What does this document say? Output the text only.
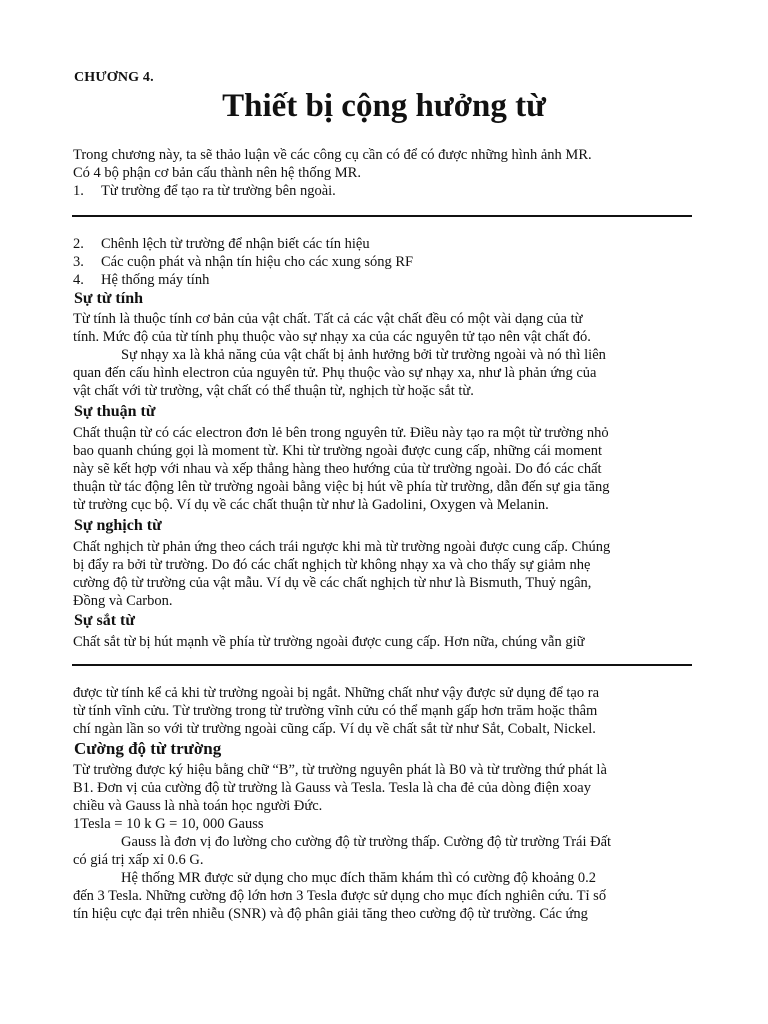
CHƯƠNG 4.
Thiết bị cộng hưởng từ
Trong chương này, ta sẽ thảo luận về các công cụ cần có để có được những hình ảnh MR.
Có 4 bộ phận cơ bản cấu thành nên hệ thống MR.
1.	Từ trường để tạo ra từ trường bên ngoài.
2.	Chênh lệch từ trường để nhận biết các tín hiệu
3.	Các cuộn phát và nhận tín hiệu cho các xung sóng RF
4.	Hệ thống máy tính
Sự từ tính
Từ tính là thuộc tính cơ bản của vật chất. Tất cả các vật chất đều có một vài dạng của từ
tính. Mức độ của từ tính phụ thuộc vào sự nhạy xa của các nguyên tử tạo nên vật chất đó.
Sự nhạy xa là khả năng của vật chất bị ảnh hưởng bởi từ trường ngoài và nó thì liên
quan đến cấu hình electron của nguyên tử. Phụ thuộc vào sự nhạy xa, như là phản ứng của
vật chất với từ trường, vật chất có thể thuận từ, nghịch từ hoặc sắt từ.
Sự thuận từ
Chất thuận từ có các electron đơn lẻ bên trong nguyên tử. Điều này tạo ra một từ trường nhỏ
bao quanh chúng gọi là moment từ. Khi từ trường ngoài được cung cấp, những cái moment
này sẽ kết hợp với nhau và xếp thẳng hàng theo hướng của từ trường ngoài. Do đó các chất
thuận từ tác động lên từ trường ngoài bằng việc bị hút về phía từ trường, dẫn đến sự gia tăng
từ trường cục bộ. Ví dụ về các chất thuận từ như là Gadolini, Oxygen và Melanin.
Sự nghịch từ
Chất nghịch từ phản ứng theo cách trái ngược khi mà từ trường ngoài được cung cấp. Chúng
bị đẩy ra bởi từ trường. Do đó các chất nghịch từ không nhạy xa và cho thấy sự giảm nhẹ
cường độ từ trường của vật mẫu. Ví dụ về các chất nghịch từ như là Bismuth, Thuỷ ngân,
Đồng và Carbon.
Sự sắt từ
Chất sắt từ bị hút mạnh về phía từ trường ngoài được cung cấp. Hơn nữa, chúng vẫn giữ
được từ tính kể cả khi từ trường ngoài bị ngắt. Những chất như vậy được sử dụng để tạo ra
từ tính vĩnh cửu. Từ trường trong từ trường vĩnh cửu có thể mạnh gấp hơn trăm hoặc thâm
chí ngàn lần so với từ trường ngoài cũng cấp. Ví dụ về chất sắt từ như Sắt, Cobalt, Nickel.
Cường độ từ trường
Từ trường được ký hiệu bằng chữ “B”, từ trường nguyên phát là B0 và từ trường thứ phát là
B1. Đơn vị của cường độ từ trường là Gauss và Tesla. Tesla là cha đẻ của dòng điện xoay
chiều và Gauss là nhà toán học người Đức.
1Tesla = 10 k G = 10, 000 Gauss
Gauss là đơn vị đo lường cho cường độ từ trường thấp. Cường độ từ trường Trái Đất
có giá trị xấp xỉ 0.6 G.
Hệ thống MR được sử dụng cho mục đích thăm khám thì có cường độ khoảng 0.2
đến 3 Tesla. Những cường độ lớn hơn 3 Tesla được sử dụng cho mục đích nghiên cứu. Tỉ số
tín hiệu cực đại trên nhiễu (SNR) và độ phân giải tăng theo cường độ từ trường. Các ứng
